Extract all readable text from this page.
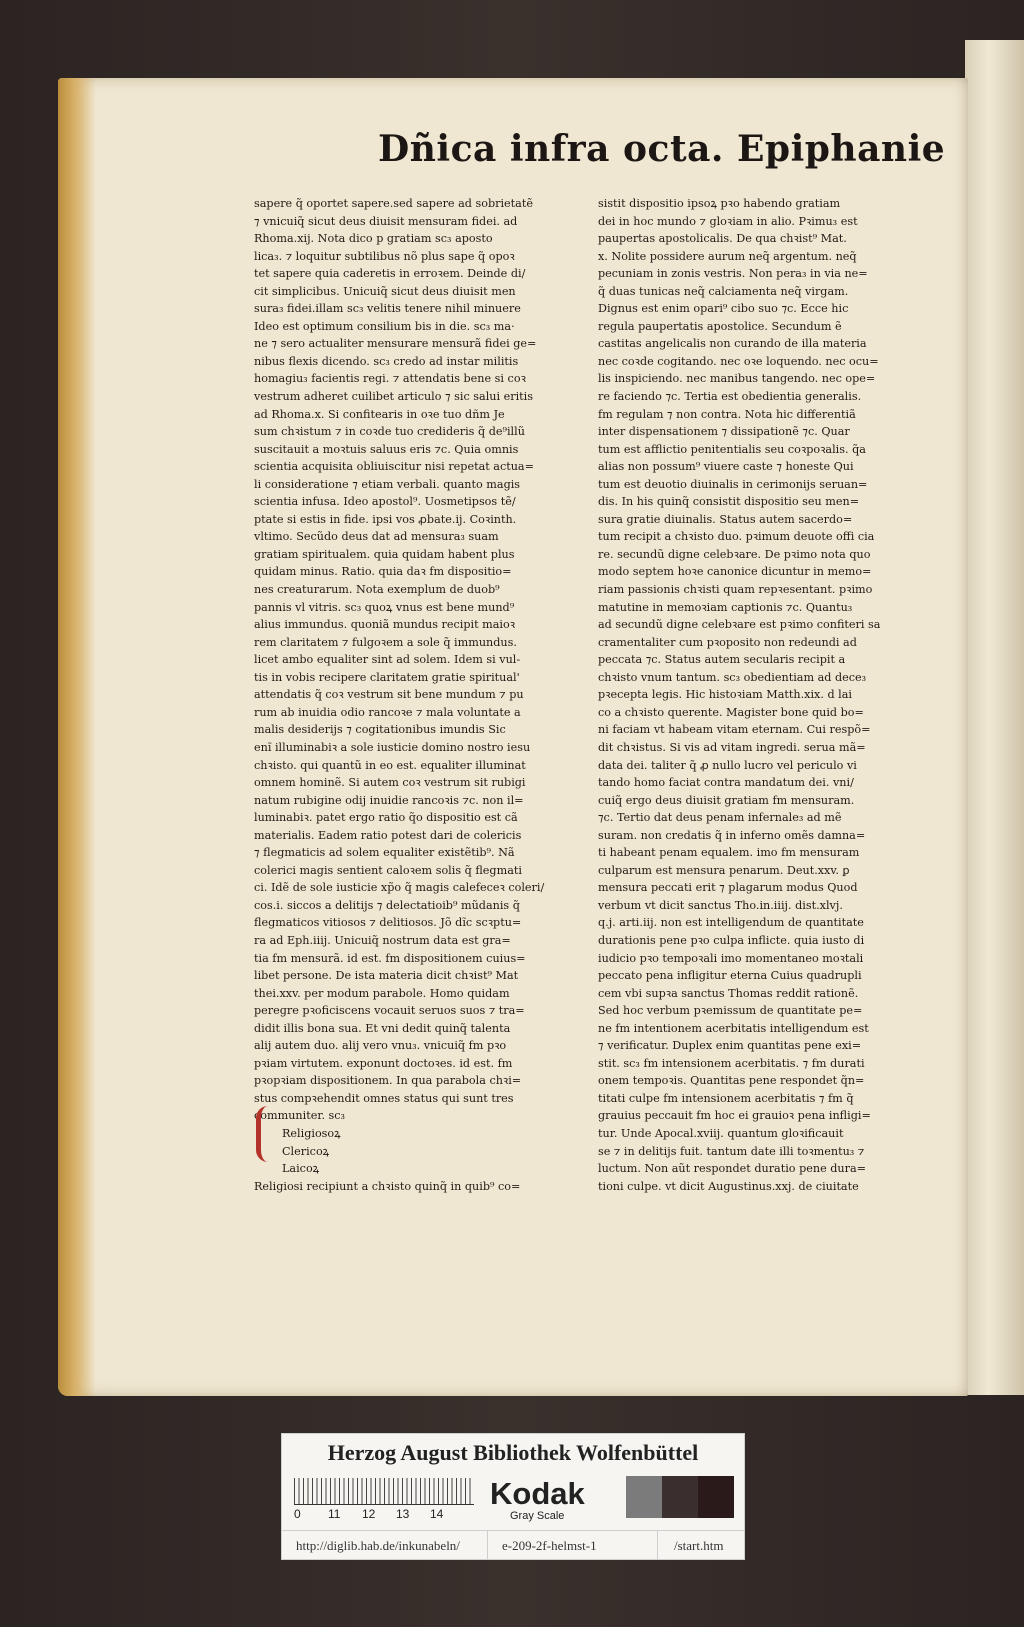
Dñica infra octa. Epiphanie
sapere q̃ oportet sapere.sed sapere ad sobrietatẽ
⁊ vnicuiq̃ sicut deus diuisit mensuram fidei. ad
Rhoma.xij. Nota dico p gratiam sc₃ aposto
lica₃. ⁊ loquitur subtilibus nõ plus sape q̃ opoꝛ
tet sapere quia caderetis in erroꝛem. Deinde di/
cit simplicibus. Unicuiq̃ sicut deus diuisit men
sura₃ fidei.illam sc₃ velitis tenere nihil minuere
Ideo est optimum consilium bis in die. sc₃ ma·
ne ⁊ sero actualiter mensurare mensurã fidei ge=
nibus flexis dicendo. sc₃ credo ad instar militis
homagiu₃ facientis regi. ⁊ attendatis bene si coꝛ
vestrum adheret cuilibet articulo ⁊ sic salui eritis
ad Rhoma.x. Si confitearis in oꝛe tuo dñm Je
sum chꝛistum ⁊ in coꝛde tuo credideris q̃ de⁹illũ
suscitauit a moꝛtuis saluus eris ⁊c. Quia omnis
scientia acquisita obliuiscitur nisi repetat actua=
li consideratione ⁊ etiam verbali. quanto magis
scientia infusa. Ideo apostol⁹. Uosmetipsos tẽ/
ptate si estis in fide. ipsi vos ꝓbate.ij. Coꝛinth.
vltimo. Secũdo deus dat ad mensura₃ suam
gratiam spiritualem. quia quidam habent plus
quidam minus. Ratio. quia daꝛ fm dispositio=
nes creaturarum. Nota exemplum de duob⁹
pannis vl vitris. sc₃ quoꝝ vnus est bene mund⁹
alius immundus. quoniã mundus recipit maioꝛ
rem claritatem ⁊ fulgoꝛem a sole q̃ immundus.
licet ambo equaliter sint ad solem. Idem si vul-
tis in vobis recipere claritatem gratie spiritual'
attendatis q̃ coꝛ vestrum sit bene mundum ⁊ pu
rum ab inuidia odio rancoꝛe ⁊ mala voluntate a
malis desiderijs ⁊ cogitationibus imundis Sic
enĩ illuminabiꝛ a sole iusticie domino nostro iesu
chꝛisto. qui quantũ in eo est. equaliter illuminat
omnem hominẽ. Si autem coꝛ vestrum sit rubigi
natum rubigine odij inuidie rancoꝛis ⁊c. non il=
luminabiꝛ. patet ergo ratio q̃o dispositio est cã
materialis. Eadem ratio potest dari de colericis
⁊ flegmaticis ad solem equaliter existẽtib⁹. Nã
colerici magis sentient caloꝛem solis q̃ flegmati
ci. Idẽ de sole iusticie xp̃o q̃ magis calefeceꝛ coleri/
cos.i. siccos a delitijs ⁊ delectatioib⁹ mũdanis q̃
flegmaticos vitiosos ⁊ delitiosos. Jõ dĩc scꝛptu=
ra ad Eph.iiij. Unicuiq̃ nostrum data est gra=
tia fm mensurã. id est. fm dispositionem cuius=
libet persone. De ista materia dicit chꝛist⁹ Mat
thei.xxv. per modum parabole. Homo quidam
peregre pꝛoficiscens vocauit seruos suos ⁊ tra=
didit illis bona sua. Et vni dedit quinq̃ talenta
alij autem duo. alij vero vnu₃. vnicuiq̃ fm pꝛo
pꝛiam virtutem. exponunt doctoꝛes. id est. fm
pꝛopꝛiam dispositionem. In qua parabola chꝛi=
stus compꝛehendit omnes status qui sunt tres
communiter. sc₃
Religiosoꝝ
Clericoꝝ
Laicoꝝ
Religiosi recipiunt a chꝛisto quinq̃ in quib⁹ co=
sistit dispositio ipsoꝝ pꝛo habendo gratiam
dei in hoc mundo ⁊ gloꝛiam in alio. Pꝛimu₃ est
paupertas apostolicalis. De qua chꝛist⁹ Mat.
x. Nolite possidere aurum neq̃ argentum. neq̃
pecuniam in zonis vestris. Non pera₃ in via ne=
q̃ duas tunicas neq̃ calciamenta neq̃ virgam.
Dignus est enim opari⁹ cibo suo ⁊c. Ecce hic
regula paupertatis apostolice. Secundum ẽ
castitas angelicalis non curando de illa materia
nec coꝛde cogitando. nec oꝛe loquendo. nec ocu=
lis inspiciendo. nec manibus tangendo. nec ope=
re faciendo ⁊c. Tertia est obedientia generalis.
fm regulam ⁊ non contra. Nota hic differentiã
inter dispensationem ⁊ dissipationẽ ⁊c. Quar
tum est afflictio penitentialis seu coꝛpoꝛalis. q̃a
alias non possum⁹ viuere caste ⁊ honeste Qui
tum est deuotio diuinalis in cerimonijs seruan=
dis. In his quinq̃ consistit dispositio seu men=
sura gratie diuinalis. Status autem sacerdo=
tum recipit a chꝛisto duo. pꝛimum deuote offi cia
re. secundũ digne celebꝛare. De pꝛimo nota quo
modo septem hoꝛe canonice dicuntur in memo=
riam passionis chꝛisti quam repꝛesentant. pꝛimo
matutine in memoꝛiam captionis ⁊c. Quantu₃
ad secundũ digne celebꝛare est pꝛimo confiteri sa
cramentaliter cum pꝛoposito non redeundi ad
peccata ⁊c. Status autem secularis recipit a
chꝛisto vnum tantum. sc₃ obedientiam ad dece₃
pꝛecepta legis. Hic histoꝛiam Matth.xix. d lai
co a chꝛisto querente. Magister bone quid bo=
ni faciam vt habeam vitam eternam. Cui respõ=
dit chꝛistus. Si vis ad vitam ingredi. serua mã=
data dei. taliter q̃ ꝓ nullo lucro vel periculo vi
tando homo faciat contra mandatum dei. vni/
cuiq̃ ergo deus diuisit gratiam fm mensuram.
⁊c. Tertio dat deus penam infernale₃ ad mẽ
suram. non credatis q̃ in inferno omẽs damna=
ti habeant penam equalem. imo fm mensuram
culparum est mensura penarum. Deut.xxv. ꝑ
mensura peccati erit ⁊ plagarum modus Quod
verbum vt dicit sanctus Tho.in.iiij. dist.xlvj.
q.j. arti.iij. non est intelligendum de quantitate
durationis pene pꝛo culpa inflicte. quia iusto di
iudicio pꝛo tempoꝛali imo momentaneo moꝛtali
peccato pena infligitur eterna Cuius quadrupli
cem vbi supꝛa sanctus Thomas reddit rationẽ.
Sed hoc verbum pꝛemissum de quantitate pe=
ne fm intentionem acerbitatis intelligendum est
⁊ verificatur. Duplex enim quantitas pene exi=
stit. sc₃ fm intensionem acerbitatis. ⁊ fm durati
onem tempoꝛis. Quantitas pene respondet q̃n=
titati culpe fm intensionem acerbitatis ⁊ fm q̃
grauius peccauit fm hoc ei grauioꝛ pena infligi=
tur. Unde Apocal.xviij. quantum gloꝛificauit
se ⁊ in delitijs fuit. tantum date illi toꝛmentu₃ ⁊
luctum. Non aũt respondet duratio pene dura=
tioni culpe. vt dicit Augustinus.xxj. de ciuitate
Herzog August Bibliothek Wolfenbüttel
0 11 12 13 14
Kodak
Gray Scale
http://diglib.hab.de/inkunabeln/	e-209-2f-helmst-1	/start.htm
